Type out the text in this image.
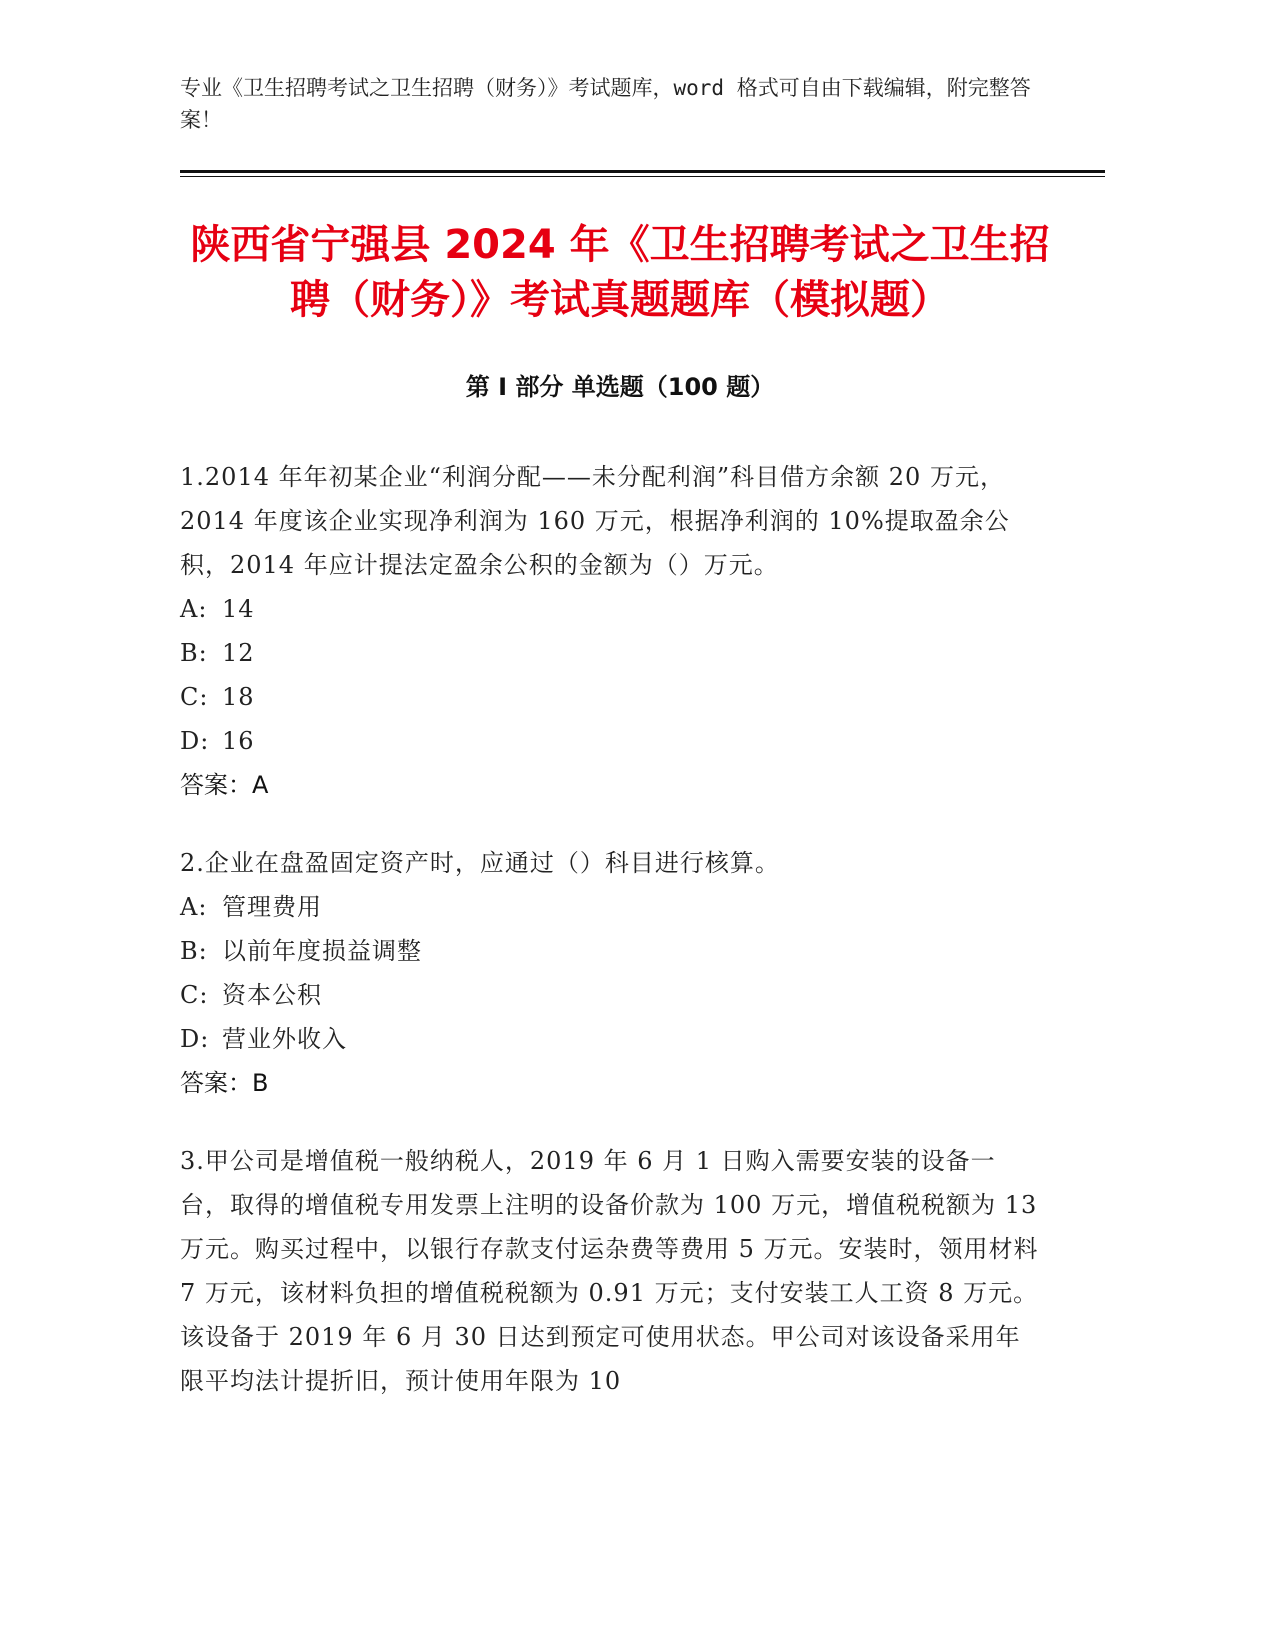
专业《卫生招聘考试之卫生招聘（财务）》考试题库，word 格式可自由下载编辑，附完整答案！
陕西省宁强县 2024 年《卫生招聘考试之卫生招聘（财务）》考试真题题库（模拟题）
第 I 部分 单选题（100 题）

1.2014 年年初某企业“利润分配——未分配利润”科目借方余额 20 万元，2014 年度该企业实现净利润为 160 万元，根据净利润的 10%提取盈余公积，2014 年应计提法定盈余公积的金额为（）万元。

A: 14

B: 12

C: 18

D: 16

答案：A

2.企业在盘盈固定资产时，应通过（）科目进行核算。

A: 管理费用

B: 以前年度损益调整

C: 资本公积

D: 营业外收入

答案：B

3.甲公司是增值税一般纳税人，2019 年 6 月 1 日购入需要安装的设备一台，取得的增值税专用发票上注明的设备价款为 100 万元，增值税税额为 13 万元。购买过程中，以银行存款支付运杂费等费用 5 万元。安装时，领用材料 7 万元，该材料负担的增值税税额为 0.91 万元；支付安装工人工资 8 万元。该设备于 2019 年 6 月 30 日达到预定可使用状态。甲公司对该设备采用年限平均法计提折旧，预计使用年限为 10
